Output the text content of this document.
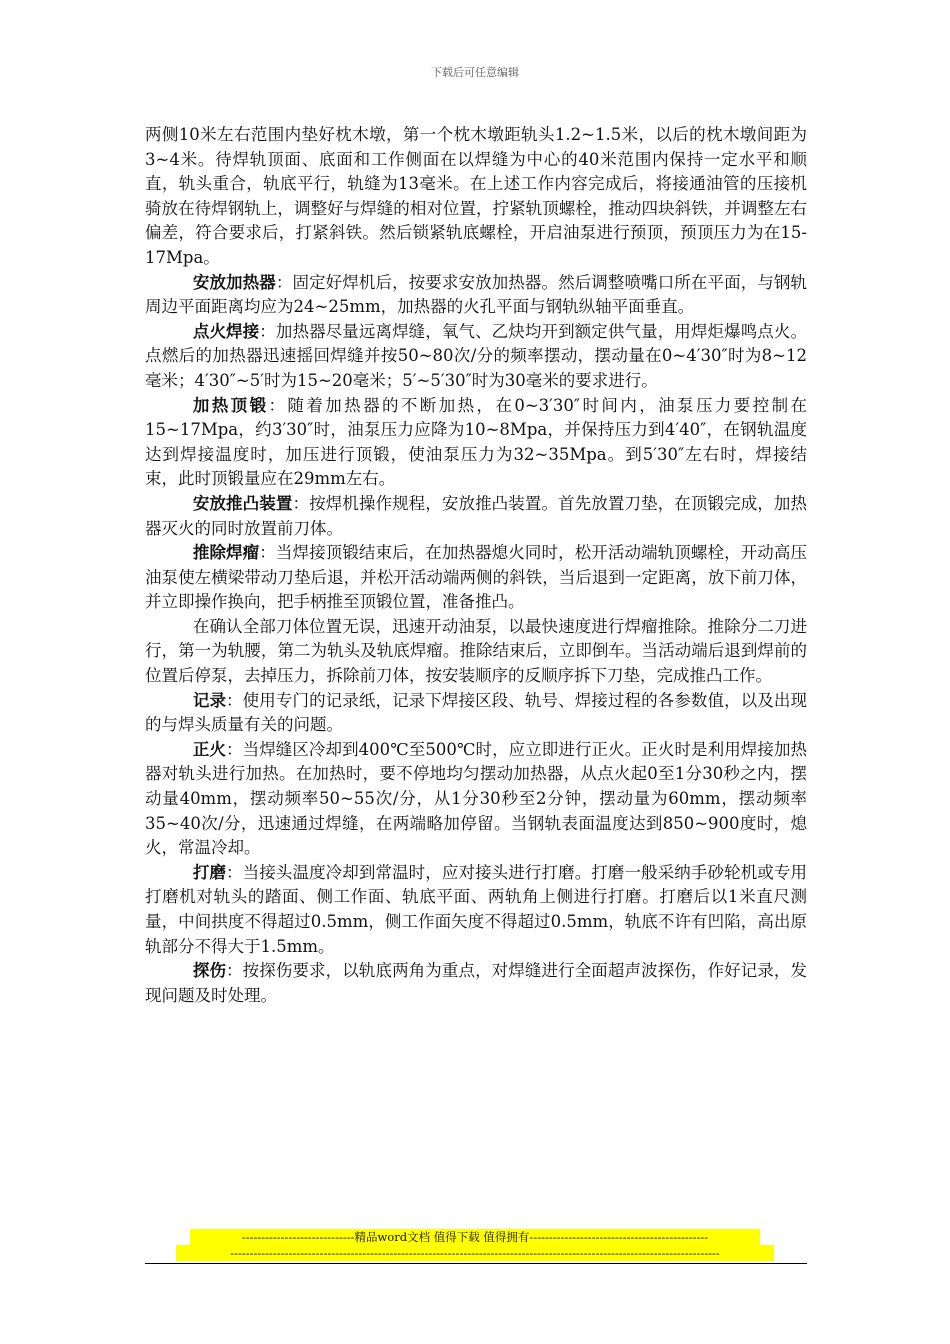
下载后可任意编辑

两侧10米左右范围内垫好枕木墩，第一个枕木墩距轨头1.2~1.5米，以后的枕木墩间距为3~4米。待焊轨顶面、底面和工作侧面在以焊缝为中心的40米范围内保持一定水平和顺直，轨头重合，轨底平行，轨缝为13毫米。在上述工作内容完成后，将接通油管的压接机骑放在待焊钢轨上，调整好与焊缝的相对位置，拧紧轨顶螺栓，推动四块斜铁，并调整左右偏差，符合要求后，打紧斜铁。然后锁紧轨底螺栓，开启油泵进行预顶，预顶压力为在15-17Mpa。

安放加热器：固定好焊机后，按要求安放加热器。然后调整喷嘴口所在平面，与钢轨周边平面距离均应为24~25mm，加热器的火孔平面与钢轨纵轴平面垂直。

点火焊接：加热器尽量远离焊缝，氧气、乙炔均开到额定供气量，用焊炬爆鸣点火。点燃后的加热器迅速摇回焊缝并按50~80次/分的频率摆动，摆动量在0~4′30″时为8~12毫米；4′30″~5′时为15~20毫米；5′~5′30″时为30毫米的要求进行。

加热顶锻：随着加热器的不断加热，在0~3′30″时间内，油泵压力要控制在15~17Mpa，约3′30″时，油泵压力应降为10~8Mpa，并保持压力到4′40″，在钢轨温度达到焊接温度时，加压进行顶锻，使油泵压力为32~35Mpa。到5′30″左右时，焊接结束，此时顶锻量应在29mm左右。

安放推凸装置：按焊机操作规程，安放推凸装置。首先放置刀垫，在顶锻完成，加热器灭火的同时放置前刀体。

推除焊瘤：当焊接顶锻结束后，在加热器熄火同时，松开活动端轨顶螺栓，开动高压油泵使左横梁带动刀垫后退，并松开活动端两侧的斜铁，当后退到一定距离，放下前刀体，并立即操作换向，把手柄推至顶锻位置，准备推凸。

在确认全部刀体位置无误，迅速开动油泵，以最快速度进行焊瘤推除。推除分二刀进行，第一为轨腰，第二为轨头及轨底焊瘤。推除结束后，立即倒车。当活动端后退到焊前的位置后停泵，去掉压力，拆除前刀体，按安装顺序的反顺序拆下刀垫，完成推凸工作。

记录：使用专门的记录纸，记录下焊接区段、轨号、焊接过程的各参数值，以及出现的与焊头质量有关的问题。

正火：当焊缝区冷却到400℃至500℃时，应立即进行正火。正火时是利用焊接加热器对轨头进行加热。在加热时，要不停地均匀摆动加热器，从点火起0至1分30秒之内，摆动量40mm，摆动频率50~55次/分，从1分30秒至2分钟，摆动量为60mm，摆动频率35~40次/分，迅速通过焊缝，在两端略加停留。当钢轨表面温度达到850~900度时，熄火，常温冷却。

打磨：当接头温度冷却到常温时，应对接头进行打磨。打磨一般采纳手砂轮机或专用打磨机对轨头的踏面、侧工作面、轨底平面、两轨角上侧进行打磨。打磨后以1米直尺测量，中间拱度不得超过0.5mm，侧工作面矢度不得超过0.5mm，轨底不许有凹陷，高出原轨部分不得大于1.5mm。

探伤：按探伤要求，以轨底两角为重点，对焊缝进行全面超声波探伤，作好记录，发现问题及时处理。

-----------------------------精品word文档 值得下载 值得拥有----------------------------------------------
------------------------------------------------------------------------------------------------------------------------------
